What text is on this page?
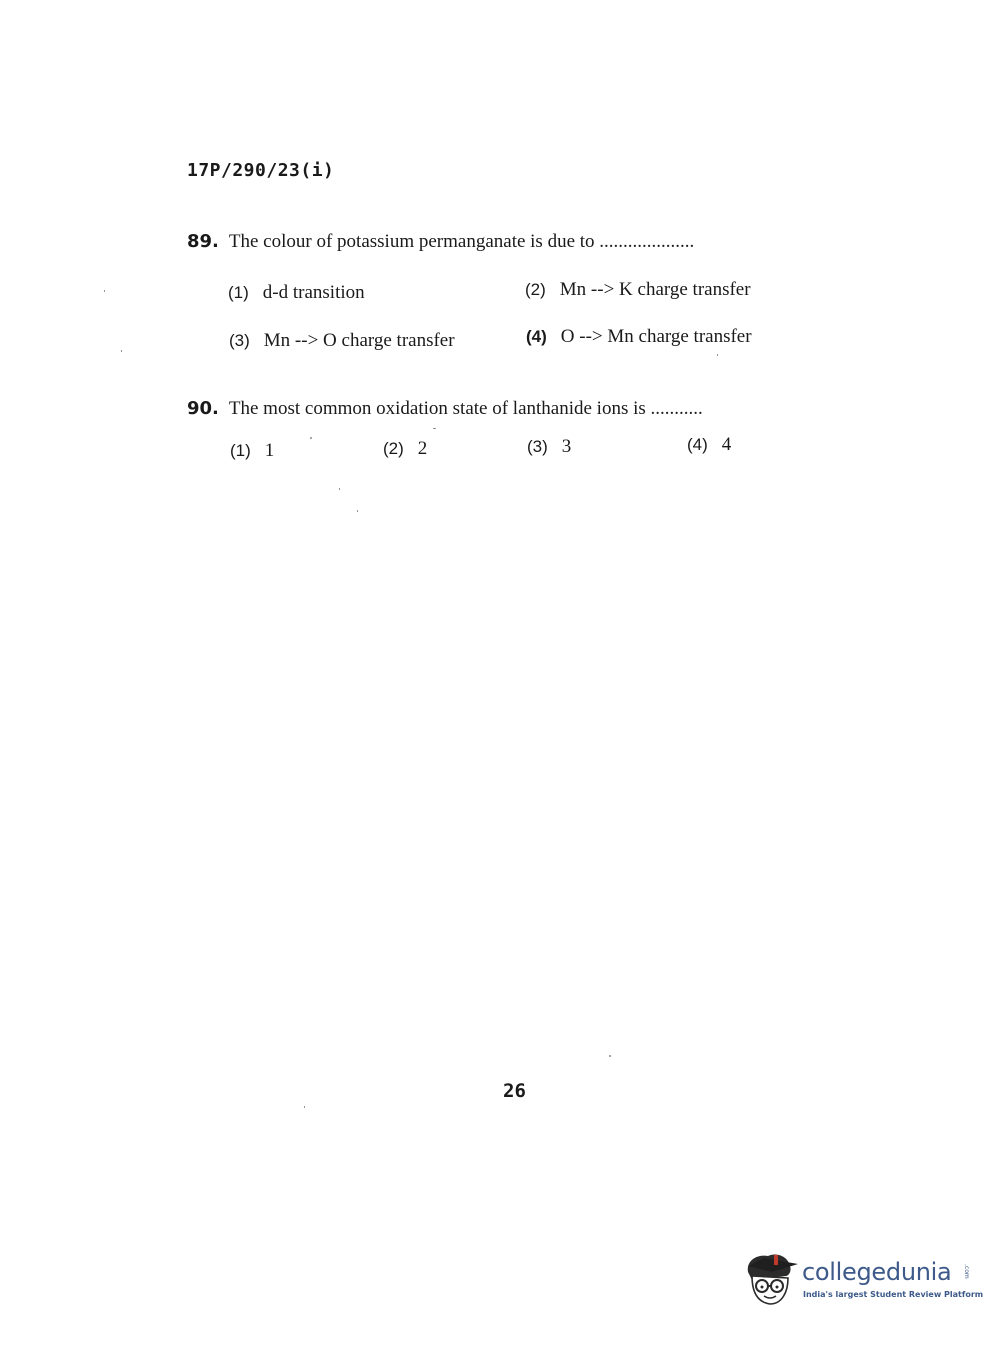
17P/290/23(i)
89. The colour of potassium permanganate is due to ....................
(1) d-d transition	(2) Mn --> K charge transfer
(3) Mn --> O charge transfer	(4) O --> Mn charge transfer
90. The most common oxidation state of lanthanide ions is ...........
(1) 1	(2) 2	(3) 3	(4) 4
26
collegedunia .com
India's largest Student Review Platform
